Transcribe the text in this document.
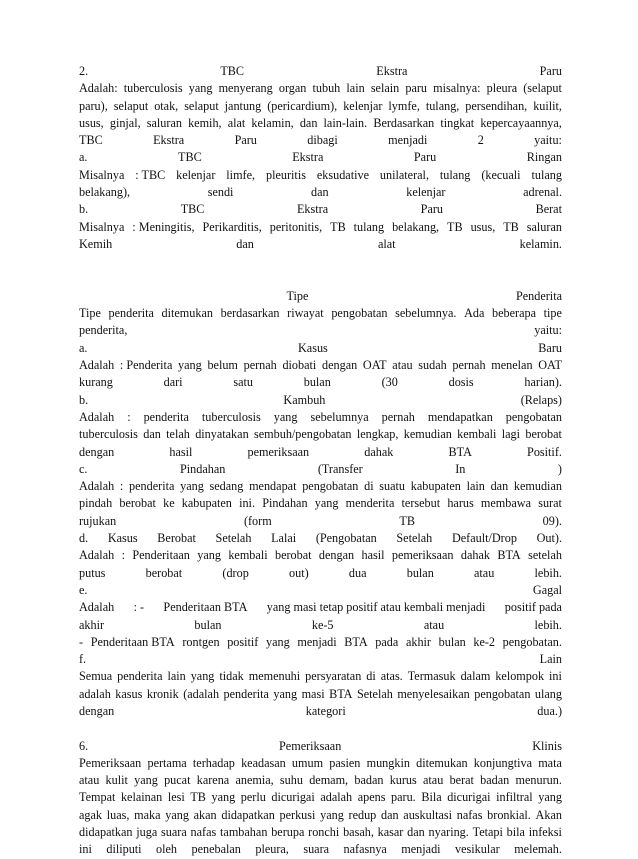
2.	TBC	Ekstra	Paru
Adalah: tuberculosis yang menyerang organ tubuh lain selain paru misalnya: pleura (selaput
paru), selaput otak, selaput jantung (pericardium), kelenjar lymfe, tulang, persendihan, kuilit,
usus, ginjal, saluran kemih, alat kelamin, dan lain-lain. Berdasarkan tingkat kepercayaannya,
TBC	Ekstra	Paru	dibagi	menjadi	2	yaitu:
a.	TBC	Ekstra	Paru	Ringan
Misalnya : TBC kelenjar limfe, pleuritis eksudative unilateral, tulang (kecuali tulang
belakang),	sendi	dan	kelenjar	adrenal.
b.	TBC	Ekstra	Paru	Berat
Misalnya : Meningitis, Perikarditis, peritonitis, TB tulang belakang, TB usus, TB saluran
Kemih	dan	alat	kelamin.
Tipe	Penderita
Tipe penderita ditemukan berdasarkan riwayat pengobatan sebelumnya. Ada beberapa tipe
penderita,	yaitu:
a.	Kasus	Baru
Adalah : Penderita yang belum pernah diobati dengan OAT atau sudah pernah menelan OAT
kurang	dari	satu	bulan	(30	dosis	harian).
b.	Kambuh	(Relaps)
Adalah : penderita tuberculosis yang sebelumnya pernah mendapatkan pengobatan
tuberculosis dan telah dinyatakan sembuh/pengobatan lengkap, kemudian kembali lagi berobat
dengan	hasil	pemeriksaan	dahak	BTA	Positif.
c.	Pindahan	(Transfer	In	)
Adalah : penderita yang sedang mendapat pengobatan di suatu kabupaten lain dan kemudian
pindah berobat ke kabupaten ini. Pindahan yang menderita tersebut harus membawa surat
rujukan	(form	TB	09).
d. Kasus Berobat Setelah Lalai (Pengobatan Setelah Default/Drop Out).
Adalah : Penderitaan yang kembali berobat dengan hasil pemeriksaan dahak BTA setelah
putus	berobat	(drop	out)	dua	bulan	atau	lebih.
e.	Gagal
Adalah : - Penderitaan BTA yang masi tetap positif atau kembali menjadi positif pada
akhir	bulan	ke-5	atau	lebih.
- Penderitaan BTA rontgen positif yang menjadi BTA pada akhir bulan ke-2 pengobatan.
f.	Lain
Semua penderita lain yang tidak memenuhi persyaratan di atas. Termasuk dalam kelompok ini
adalah kasus kronik (adalah penderita yang masi BTA Setelah menyelesaikan pengobatan ulang
dengan	kategori	dua.)
6.	Pemeriksaan	Klinis
Pemeriksaan pertama terhadap keadasan umum pasien mungkin ditemukan konjungtiva mata
atau kulit yang pucat karena anemia, suhu demam, badan kurus atau berat badan menurun.
Tempat kelainan lesi TB yang perlu dicurigai adalah apens paru. Bila dicurigai infiltral yang
agak luas, maka yang akan didapatkan perkusi yang redup dan auskultasi nafas bronkial. Akan
didapatkan juga suara nafas tambahan berupa ronchi basah, kasar dan nyaring. Tetapi bila infeksi
ini diliputi oleh penebalan pleura, suara nafasnya menjadi vesikular melemah.
